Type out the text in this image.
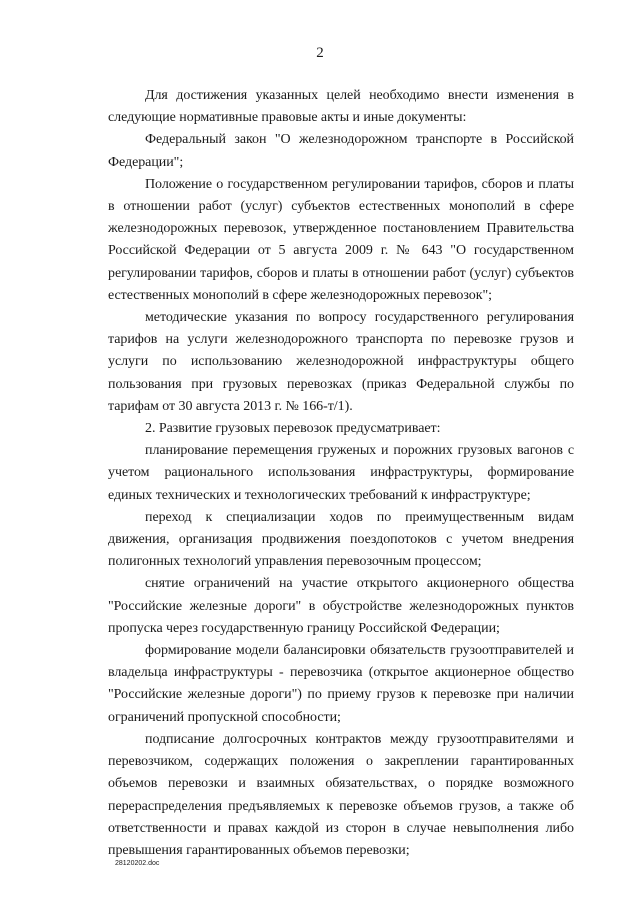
2

Для достижения указанных целей необходимо внести изменения в следующие нормативные правовые акты и иные документы:

Федеральный закон "О железнодорожном транспорте в Российской Федерации";

Положение о государственном регулировании тарифов, сборов и платы в отношении работ (услуг) субъектов естественных монополий в сфере железнодорожных перевозок, утвержденное постановлением Правительства Российской Федерации от 5 августа 2009 г. № 643 "О государственном регулировании тарифов, сборов и платы в отношении работ (услуг) субъектов естественных монополий в сфере железнодорожных перевозок";

методические указания по вопросу государственного регулирования тарифов на услуги железнодорожного транспорта по перевозке грузов и услуги по использованию железнодорожной инфраструктуры общего пользования при грузовых перевозках (приказ Федеральной службы по тарифам от 30 августа 2013 г. № 166-т/1).

2. Развитие грузовых перевозок предусматривает:

планирование перемещения груженых и порожних грузовых вагонов с учетом рационального использования инфраструктуры, формирование единых технических и технологических требований к инфраструктуре;

переход к специализации ходов по преимущественным видам движения, организация продвижения поездопотоков с учетом внедрения полигонных технологий управления перевозочным процессом;

снятие ограничений на участие открытого акционерного общества "Российские железные дороги" в обустройстве железнодорожных пунктов пропуска через государственную границу Российской Федерации;

формирование модели балансировки обязательств грузоотправителей и владельца инфраструктуры - перевозчика (открытое акционерное общество "Российские железные дороги") по приему грузов к перевозке при наличии ограничений пропускной способности;

подписание долгосрочных контрактов между грузоотправителями и перевозчиком, содержащих положения о закреплении гарантированных объемов перевозки и взаимных обязательствах, о порядке возможного перераспределения предъявляемых к перевозке объемов грузов, а также об ответственности и правах каждой из сторон в случае невыполнения либо превышения гарантированных объемов перевозки;

28120202.doc
